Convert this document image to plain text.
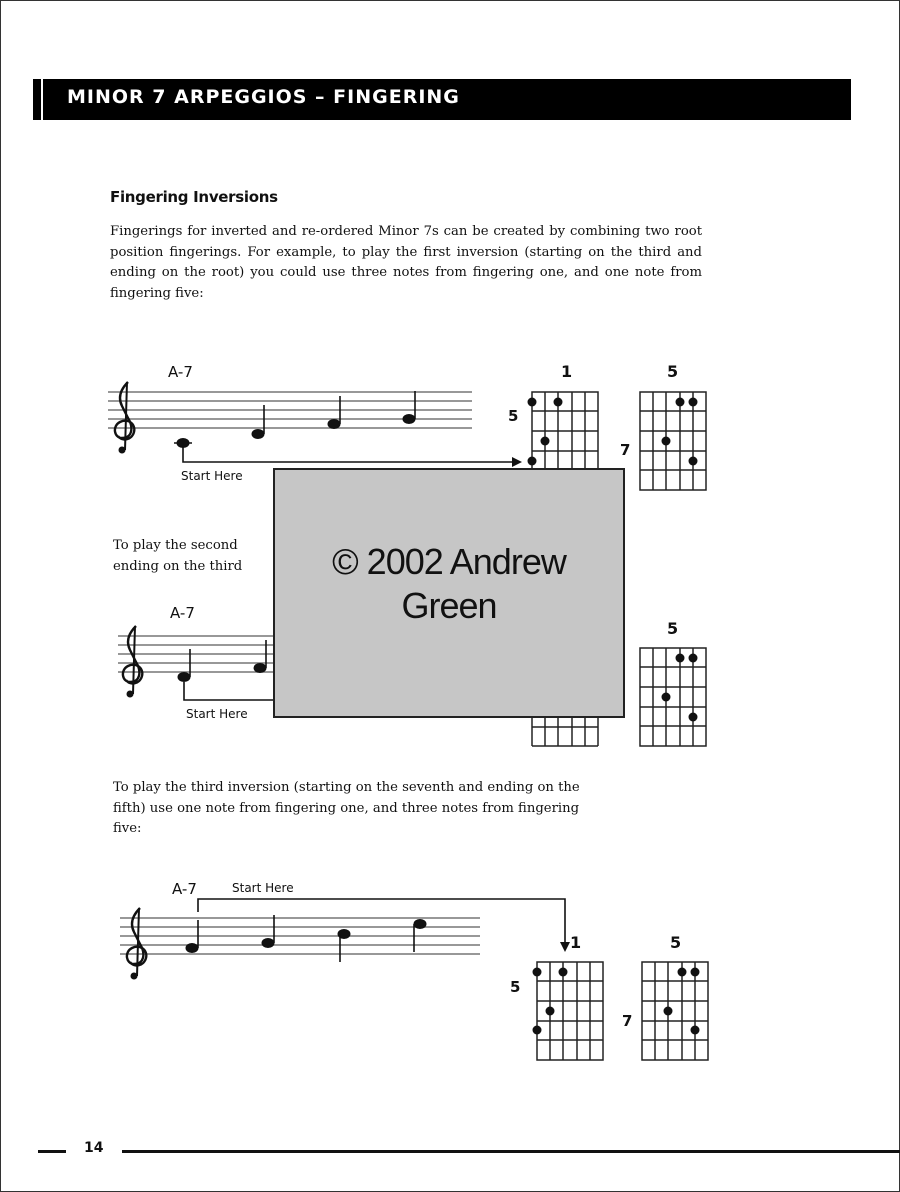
MINOR 7 ARPEGGIOS – FINGERING
Fingering Inversions
Fingerings for inverted and re-ordered Minor 7s can be created by combining two root position fingerings. For example, to play the first inversion (starting on the third and ending on the root) you could use three notes from fingering one, and one note from fingering five:
To play the second
ending on the third
To play the third inversion (starting on the seventh and ending on the fifth) use one note from fingering one, and three notes from fingering five:
A-7
Start Here
1
5
5
7
A-7
Start Here
5
A-7	Start Here
1
5
5
7
© 2002 Andrew
Green
14
